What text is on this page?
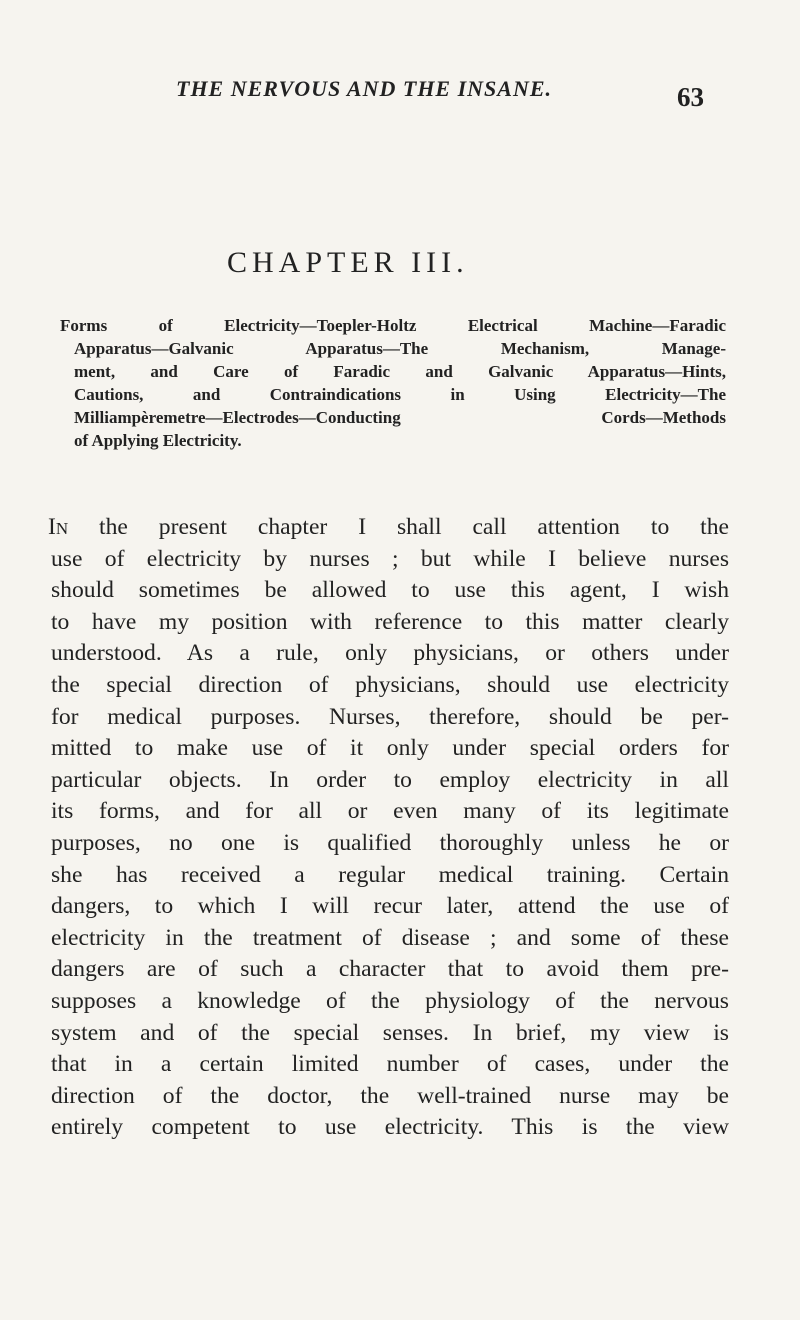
THE NERVOUS AND THE INSANE.	63
CHAPTER III.
Forms of Electricity—Toepler-Holtz Electrical Machine—Faradic
Apparatus—Galvanic Apparatus—The Mechanism, Manage-
ment, and Care of Faradic and Galvanic Apparatus—Hints,
Cautions, and Contraindications in Using Electricity—The
Milliampèremetre—Electrodes—Conducting Cords—Methods
of Applying Electricity.
In the present chapter I shall call attention to the
use of electricity by nurses ; but while I believe nurses
should sometimes be allowed to use this agent, I wish
to have my position with reference to this matter clearly
understood. As a rule, only physicians, or others under
the special direction of physicians, should use electricity
for medical purposes. Nurses, therefore, should be per-
mitted to make use of it only under special orders for
particular objects. In order to employ electricity in all
its forms, and for all or even many of its legitimate
purposes, no one is qualified thoroughly unless he or
she has received a regular medical training. Certain
dangers, to which I will recur later, attend the use of
electricity in the treatment of disease ; and some of these
dangers are of such a character that to avoid them pre-
supposes a knowledge of the physiology of the nervous
system and of the special senses. In brief, my view is
that in a certain limited number of cases, under the
direction of the doctor, the well-trained nurse may be
entirely competent to use electricity. This is the view
